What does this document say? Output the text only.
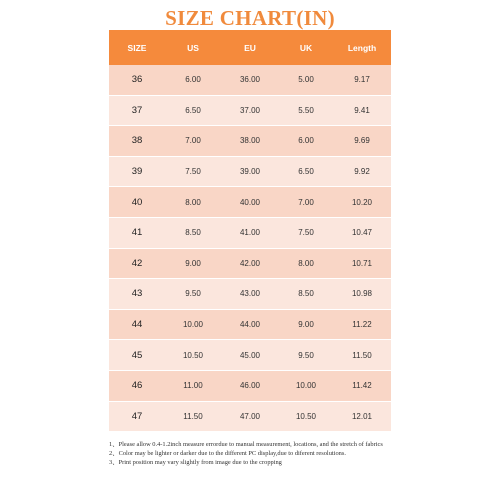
SIZE CHART(IN)
SIZE	US	EU	UK	Length
36	6.00	36.00	5.00	9.17
37	6.50	37.00	5.50	9.41
38	7.00	38.00	6.00	9.69
39	7.50	39.00	6.50	9.92
40	8.00	40.00	7.00	10.20
41	8.50	41.00	7.50	10.47
42	9.00	42.00	8.00	10.71
43	9.50	43.00	8.50	10.98
44	10.00	44.00	9.00	11.22
45	10.50	45.00	9.50	11.50
46	11.00	46.00	10.00	11.42
47	11.50	47.00	10.50	12.01

1、Please allow 0.4-1.2inch measure errordue to manual measurement, locations, and the stretch of fabrics

2、Color may be lighter or darker due to the different PC display,due to diferent resolutions.

3、Print position may vary slightly from image due to the cropping
